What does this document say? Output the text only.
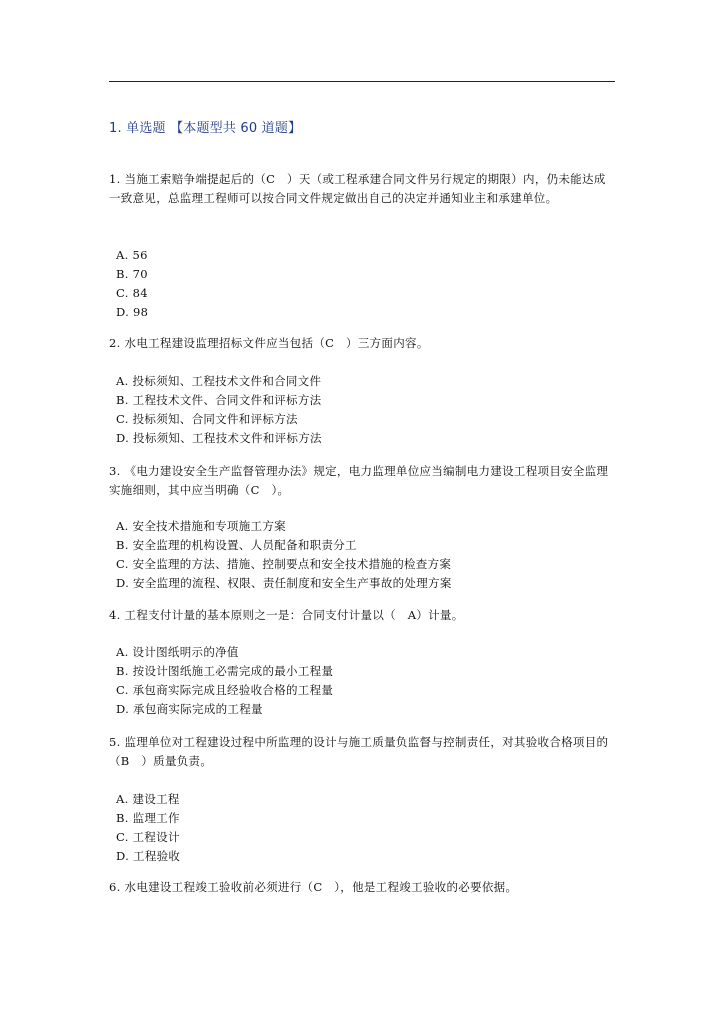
1. 单选题 【本题型共 60 道题】
1. 当施工索赔争端提起后的（C　）天（或工程承建合同文件另行规定的期限）内，仍未能达成一致意见，总监理工程师可以按合同文件规定做出自己的决定并通知业主和承建单位。
A. 56
B. 70
C. 84
D. 98
2. 水电工程建设监理招标文件应当包括（C　）三方面内容。
A. 投标须知、工程技术文件和合同文件
B. 工程技术文件、合同文件和评标方法
C. 投标须知、合同文件和评标方法
D. 投标须知、工程技术文件和评标方法
3. 《电力建设安全生产监督管理办法》规定，电力监理单位应当编制电力建设工程项目安全监理实施细则，其中应当明确（C　）。
A. 安全技术措施和专项施工方案
B. 安全监理的机构设置、人员配备和职责分工
C. 安全监理的方法、措施、控制要点和安全技术措施的检查方案
D. 安全监理的流程、权限、责任制度和安全生产事故的处理方案
4. 工程支付计量的基本原则之一是：合同支付计量以（　A）计量。
A. 设计图纸明示的净值
B. 按设计图纸施工必需完成的最小工程量
C. 承包商实际完成且经验收合格的工程量
D. 承包商实际完成的工程量
5. 监理单位对工程建设过程中所监理的设计与施工质量负监督与控制责任，对其验收合格项目的（B　）质量负责。
A. 建设工程
B. 监理工作
C. 工程设计
D. 工程验收
6. 水电建设工程竣工验收前必须进行（C　），他是工程竣工验收的必要依据。
